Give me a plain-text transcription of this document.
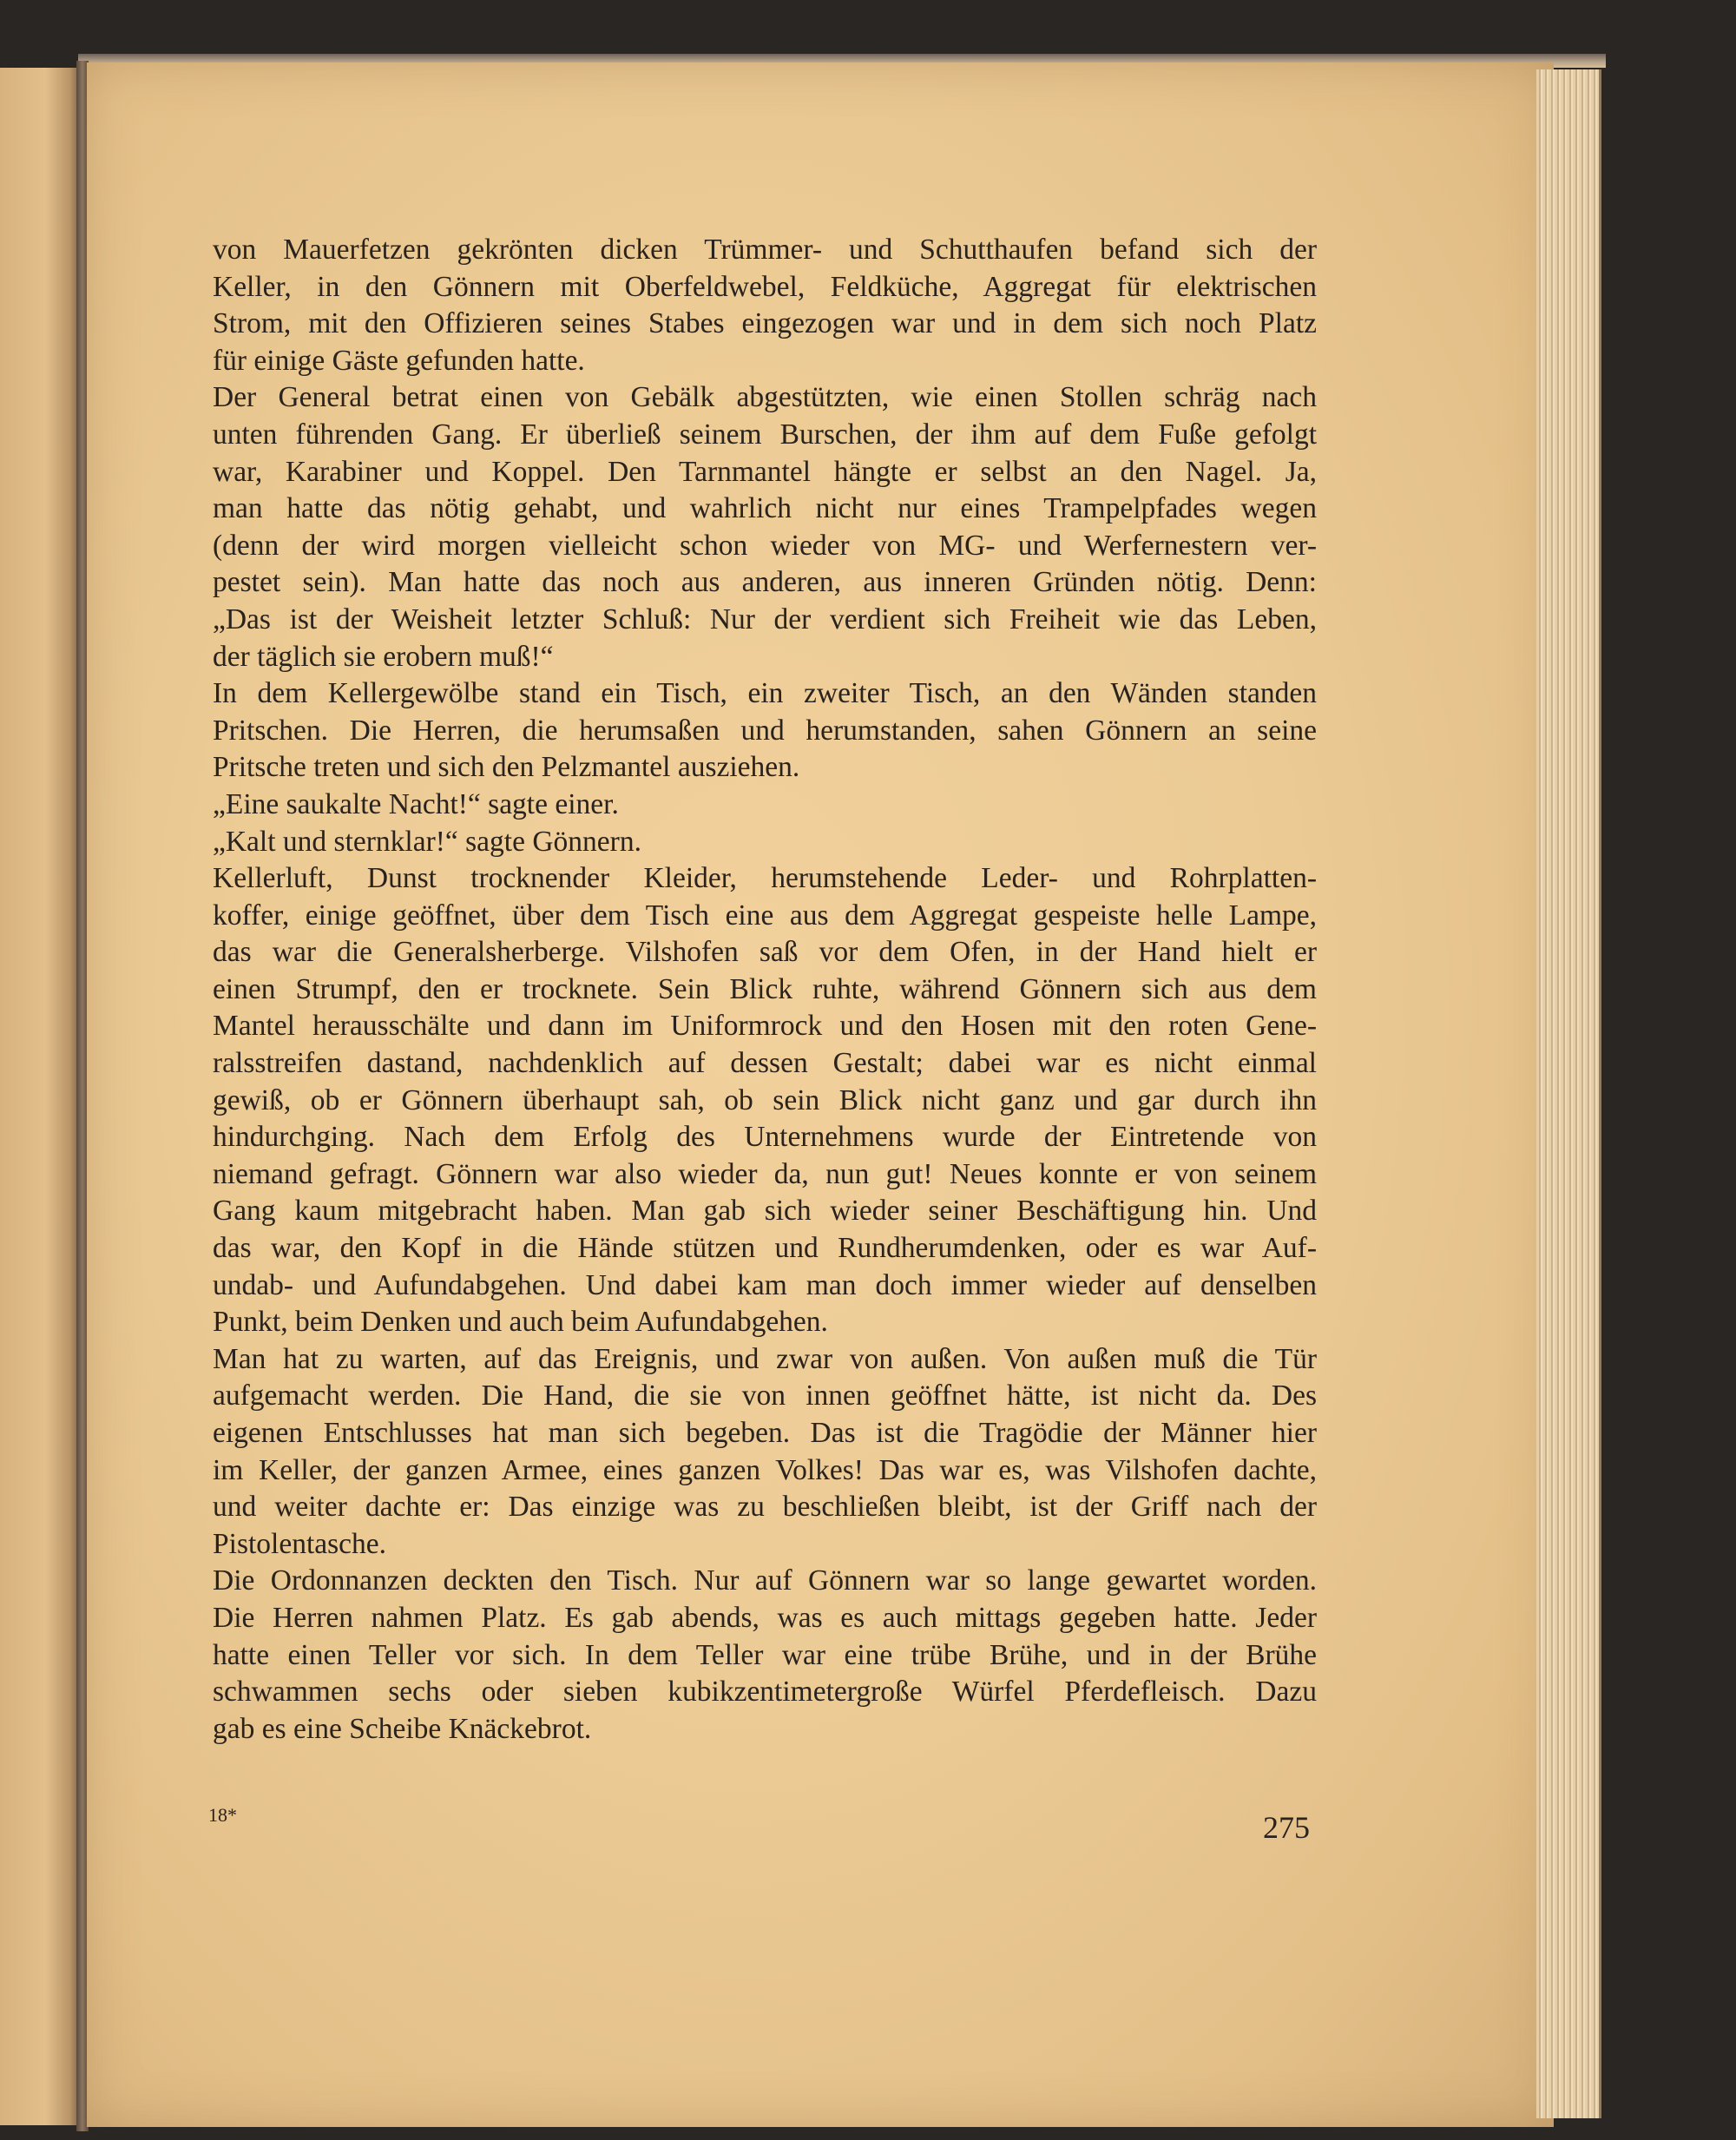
von Mauerfetzen gekrönten dicken Trümmer- und Schutthaufen befand sich der
Keller, in den Gönnern mit Oberfeldwebel, Feldküche, Aggregat für elektrischen
Strom, mit den Offizieren seines Stabes eingezogen war und in dem sich noch Platz
für einige Gäste gefunden hatte.
Der General betrat einen von Gebälk abgestützten, wie einen Stollen schräg nach
unten führenden Gang. Er überließ seinem Burschen, der ihm auf dem Fuße gefolgt
war, Karabiner und Koppel. Den Tarnmantel hängte er selbst an den Nagel. Ja,
man hatte das nötig gehabt, und wahrlich nicht nur eines Trampelpfades wegen
(denn der wird morgen vielleicht schon wieder von MG- und Werfernestern ver-
pestet sein). Man hatte das noch aus anderen, aus inneren Gründen nötig. Denn:
„Das ist der Weisheit letzter Schluß: Nur der verdient sich Freiheit wie das Leben,
der täglich sie erobern muß!“
In dem Kellergewölbe stand ein Tisch, ein zweiter Tisch, an den Wänden standen
Pritschen. Die Herren, die herumsaßen und herumstanden, sahen Gönnern an seine
Pritsche treten und sich den Pelzmantel ausziehen.
„Eine saukalte Nacht!“ sagte einer.
„Kalt und sternklar!“ sagte Gönnern.
Kellerluft, Dunst trocknender Kleider, herumstehende Leder- und Rohrplatten-
koffer, einige geöffnet, über dem Tisch eine aus dem Aggregat gespeiste helle Lampe,
das war die Generalsherberge. Vilshofen saß vor dem Ofen, in der Hand hielt er
einen Strumpf, den er trocknete. Sein Blick ruhte, während Gönnern sich aus dem
Mantel herausschälte und dann im Uniformrock und den Hosen mit den roten Gene-
ralsstreifen dastand, nachdenklich auf dessen Gestalt; dabei war es nicht einmal
gewiß, ob er Gönnern überhaupt sah, ob sein Blick nicht ganz und gar durch ihn
hindurchging. Nach dem Erfolg des Unternehmens wurde der Eintretende von
niemand gefragt. Gönnern war also wieder da, nun gut! Neues konnte er von seinem
Gang kaum mitgebracht haben. Man gab sich wieder seiner Beschäftigung hin. Und
das war, den Kopf in die Hände stützen und Rundherumdenken, oder es war Auf-
undab- und Aufundabgehen. Und dabei kam man doch immer wieder auf denselben
Punkt, beim Denken und auch beim Aufundabgehen.
Man hat zu warten, auf das Ereignis, und zwar von außen. Von außen muß die Tür
aufgemacht werden. Die Hand, die sie von innen geöffnet hätte, ist nicht da. Des
eigenen Entschlusses hat man sich begeben. Das ist die Tragödie der Männer hier
im Keller, der ganzen Armee, eines ganzen Volkes! Das war es, was Vilshofen dachte,
und weiter dachte er: Das einzige was zu beschließen bleibt, ist der Griff nach der
Pistolentasche.
Die Ordonnanzen deckten den Tisch. Nur auf Gönnern war so lange gewartet worden.
Die Herren nahmen Platz. Es gab abends, was es auch mittags gegeben hatte. Jeder
hatte einen Teller vor sich. In dem Teller war eine trübe Brühe, und in der Brühe
schwammen sechs oder sieben kubikzentimetergroße Würfel Pferdefleisch. Dazu
gab es eine Scheibe Knäckebrot.
18*	275
